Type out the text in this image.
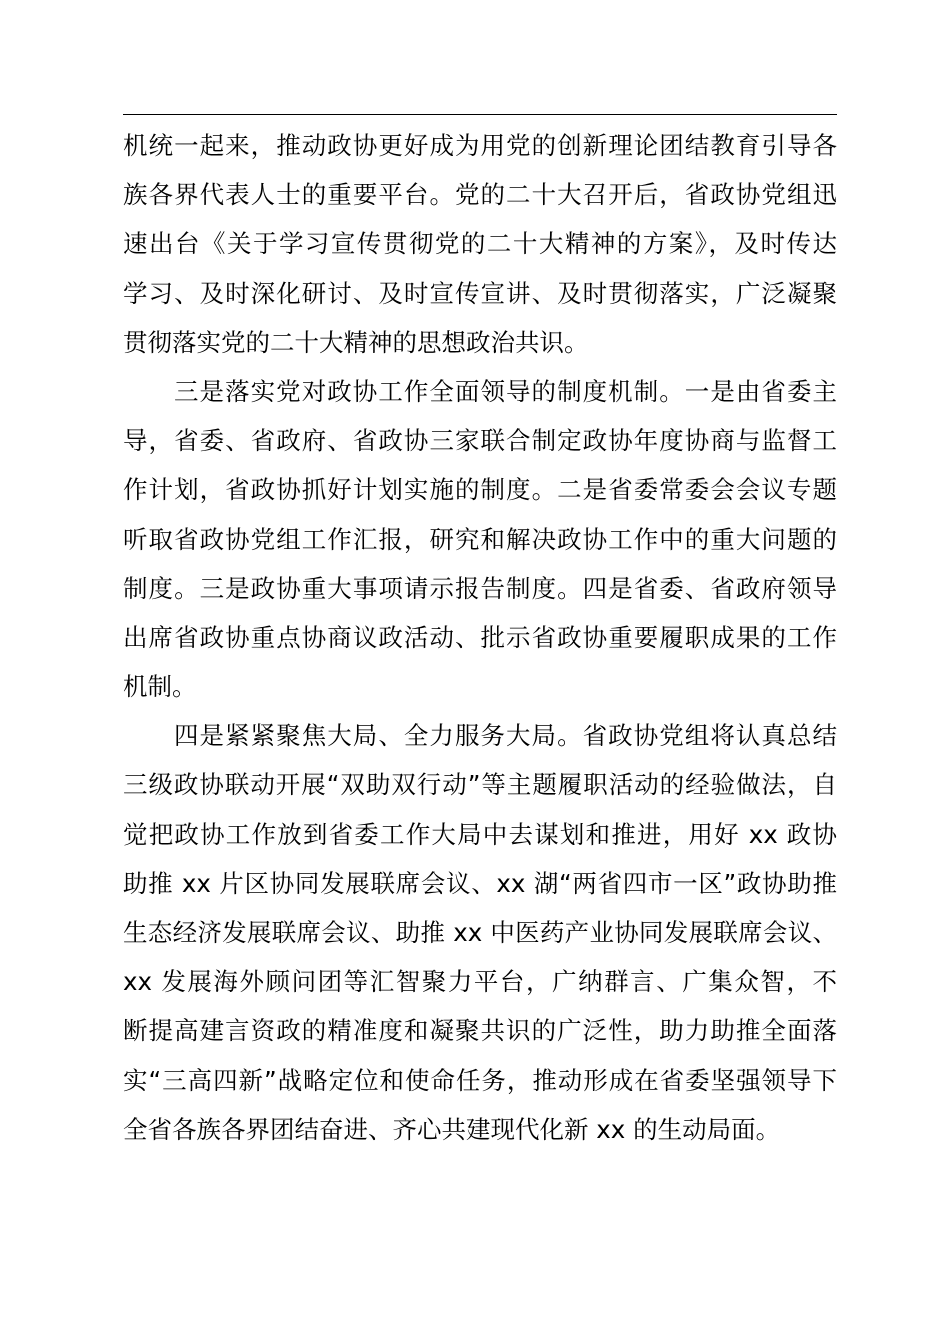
机统一起来，推动政协更好成为用党的创新理论团结教育引导各
族各界代表人士的重要平台。党的二十大召开后，省政协党组迅
速出台《关于学习宣传贯彻党的二十大精神的方案》，及时传达
学习、及时深化研讨、及时宣传宣讲、及时贯彻落实，广泛凝聚
贯彻落实党的二十大精神的思想政治共识。
三是落实党对政协工作全面领导的制度机制。一是由省委主
导，省委、省政府、省政协三家联合制定政协年度协商与监督工
作计划，省政协抓好计划实施的制度。二是省委常委会会议专题
听取省政协党组工作汇报，研究和解决政协工作中的重大问题的
制度。三是政协重大事项请示报告制度。四是省委、省政府领导
出席省政协重点协商议政活动、批示省政协重要履职成果的工作
机制。
四是紧紧聚焦大局、全力服务大局。省政协党组将认真总结
三级政协联动开展“双助双行动”等主题履职活动的经验做法，自
觉把政协工作放到省委工作大局中去谋划和推进，用好 xx 政协
助推 xx 片区协同发展联席会议、xx 湖“两省四市一区”政协助推
生态经济发展联席会议、助推 xx 中医药产业协同发展联席会议、
xx 发展海外顾问团等汇智聚力平台，广纳群言、广集众智，不
断提高建言资政的精准度和凝聚共识的广泛性，助力助推全面落
实“三高四新”战略定位和使命任务，推动形成在省委坚强领导下
全省各族各界团结奋进、齐心共建现代化新 xx 的生动局面。
